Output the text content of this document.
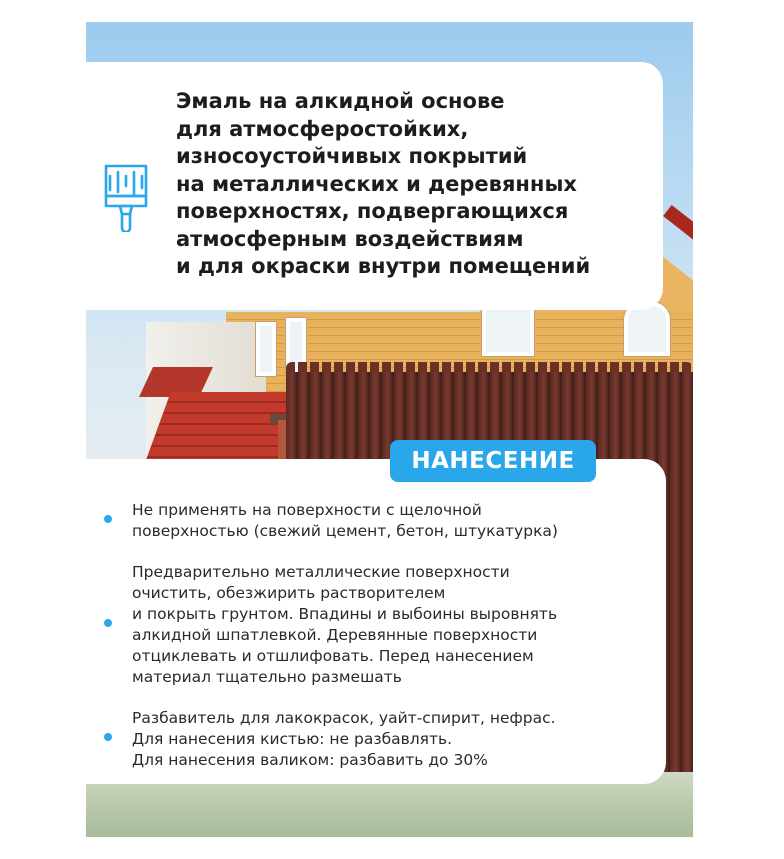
Эмаль на алкидной основе
для атмосферостойких,
износоустойчивых покрытий
на металлических и деревянных
поверхностях, подвергающихся
атмосферным воздействиям
и для окраски внутри помещений

НАНЕСЕНИЕ

Не применять на поверхности с щелочной
поверхностью (свежий цемент, бетон, штукатурка)

Предварительно металлические поверхности
очистить, обезжирить растворителем
и покрыть грунтом. Впадины и выбоины выровнять
алкидной шпатлевкой. Деревянные поверхности
отциклевать и отшлифовать. Перед нанесением
материал тщательно размешать

Разбавитель для лакокрасок, уайт-спирит, нефрас.
Для нанесения кистью: не разбавлять.
Для нанесения валиком: разбавить до 30%
